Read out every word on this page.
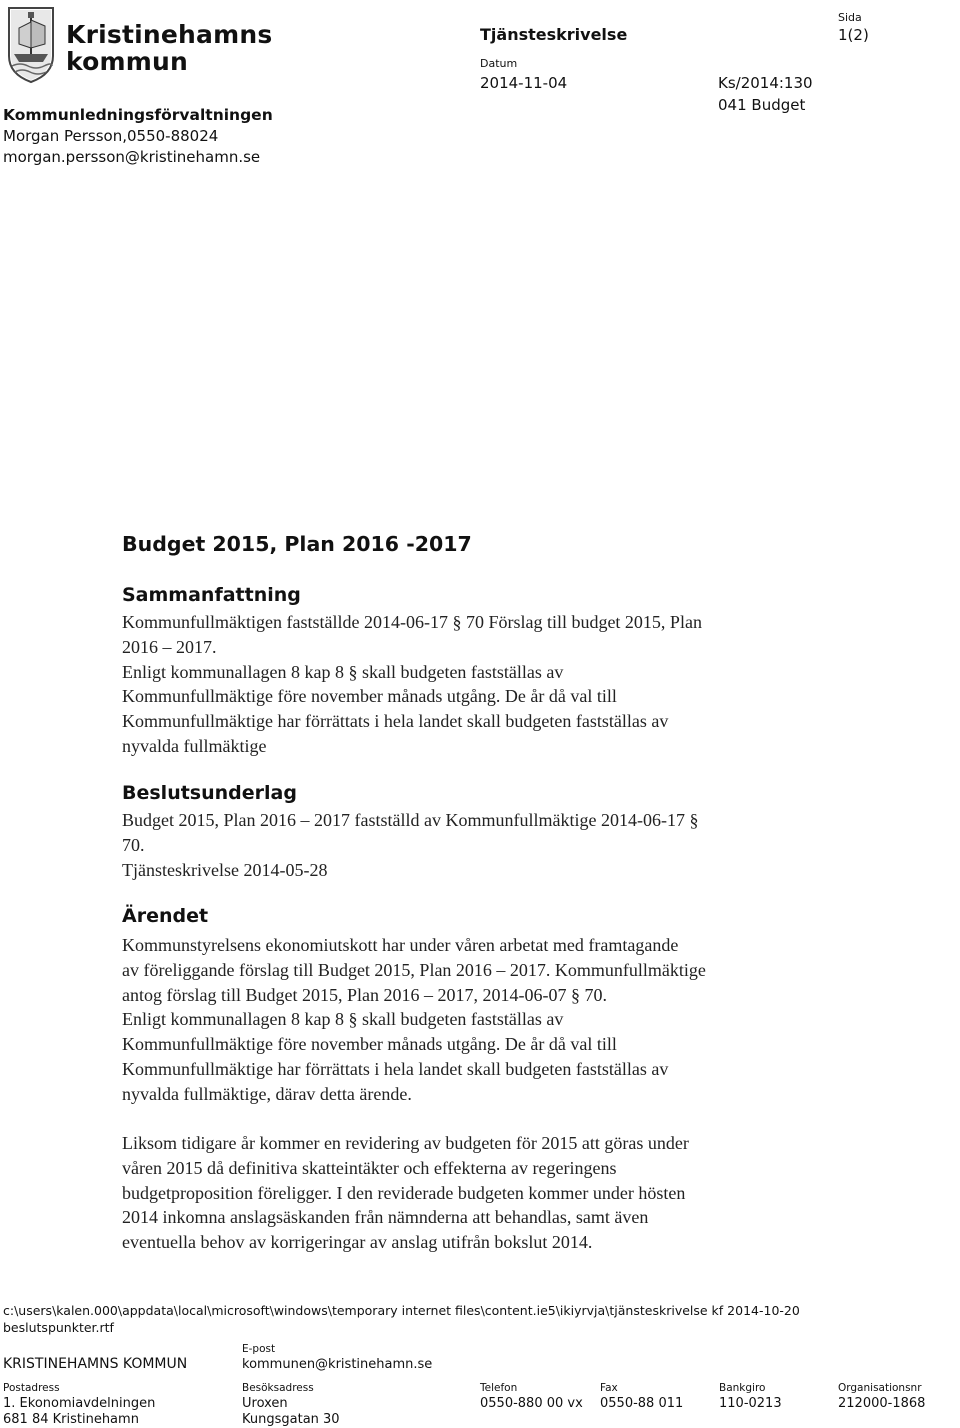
Kristinehamns
kommun
Kommunledningsförvaltningen
Morgan Persson,0550-88024
morgan.persson@kristinehamn.se
Tjänsteskrivelse
Datum
2014-11-04	Ks/2014:130
041 Budget
Sida
1(2)
Budget 2015, Plan 2016 -2017
Sammanfattning
Kommunfullmäktigen fastställde 2014-06-17 § 70 Förslag till budget 2015, Plan
2016 – 2017.
Enligt kommunallagen 8 kap 8 § skall budgeten fastställas av
Kommunfullmäktige före november månads utgång. De år då val till
Kommunfullmäktige har förrättats i hela landet skall budgeten fastställas av
nyvalda fullmäktige
Beslutsunderlag
Budget 2015, Plan 2016 – 2017 fastställd av Kommunfullmäktige 2014-06-17 §
70.
Tjänsteskrivelse 2014-05-28
Ärendet
Kommunstyrelsens ekonomiutskott har under våren arbetat med framtagande
av föreliggande förslag till Budget 2015, Plan 2016 – 2017. Kommunfullmäktige
antog förslag till Budget 2015, Plan 2016 – 2017, 2014-06-07 § 70.
Enligt kommunallagen 8 kap 8 § skall budgeten fastställas av
Kommunfullmäktige före november månads utgång. De år då val till
Kommunfullmäktige har förrättats i hela landet skall budgeten fastställas av
nyvalda fullmäktige, därav detta ärende.
Liksom tidigare år kommer en revidering av budgeten för 2015 att göras under
våren 2015 då definitiva skatteintäkter och effekterna av regeringens
budgetproposition föreligger. I den reviderade budgeten kommer under hösten
2014 inkomna anslagsäskanden från nämnderna att behandlas, samt även
eventuella behov av korrigeringar av anslag utifrån bokslut 2014.
c:\users\kalen.000\appdata\local\microsoft\windows\temporary internet files\content.ie5\ikiyrvja\tjänsteskrivelse kf 2014-10-20
beslutspunkter.rtf
KRISTINEHAMNS KOMMUN
E-post
kommunen@kristinehamn.se
Postadress
1. Ekonomiavdelningen
681 84 Kristinehamn
Besöksadress
Uroxen
Kungsgatan 30
Telefon
0550-880 00 vx
Fax
0550-88 011
Bankgiro
110-0213
Organisationsnr
212000-1868
